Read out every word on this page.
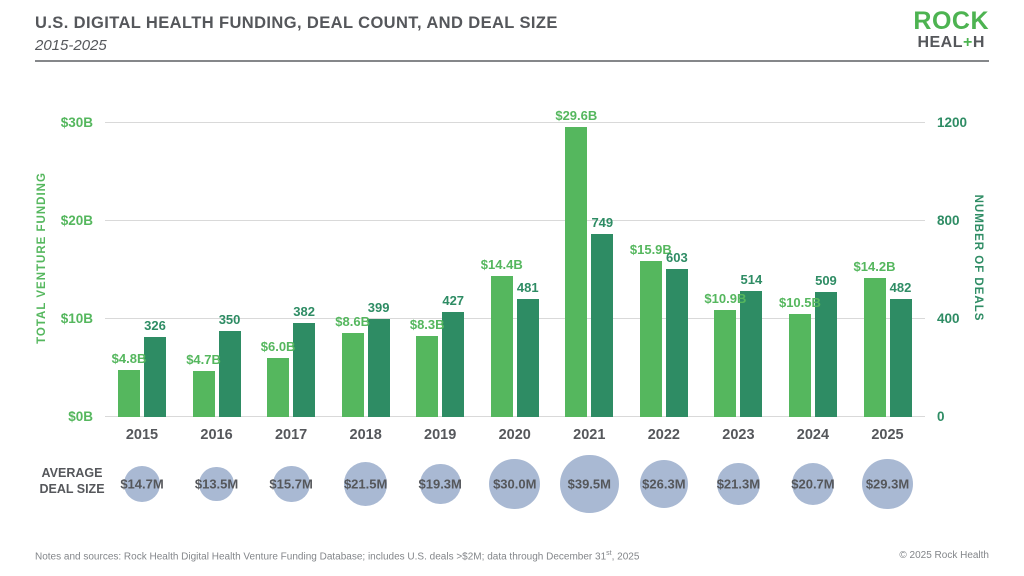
U.S. DIGITAL HEALTH FUNDING, DEAL COUNT, AND DEAL SIZE
2015-2025
ROCK
HEAL+H
TOTAL VENTURE FUNDING	NUMBER OF DEALS
$0B	0
$10B	400
$20B	800
$30B	1200
$4.8B
326
2015
$4.7B
350
2016
$6.0B
382
2017
$8.6B
399
2018
$8.3B
427
2019
$14.4B
481
2020
$29.6B
749
2021
$15.9B
603
2022
$10.9B
514
2023
$10.5B
509
2024
$14.2B
482
2025
AVERAGE
DEAL SIZE	$14.7M $13.5M $15.7M $21.5M $19.3M $30.0M $39.5M $26.3M $21.3M $20.7M $29.3M
Notes and sources: Rock Health Digital Health Venture Funding Database; includes U.S. deals >$2M; data through December 31st, 2025	© 2025 Rock Health
